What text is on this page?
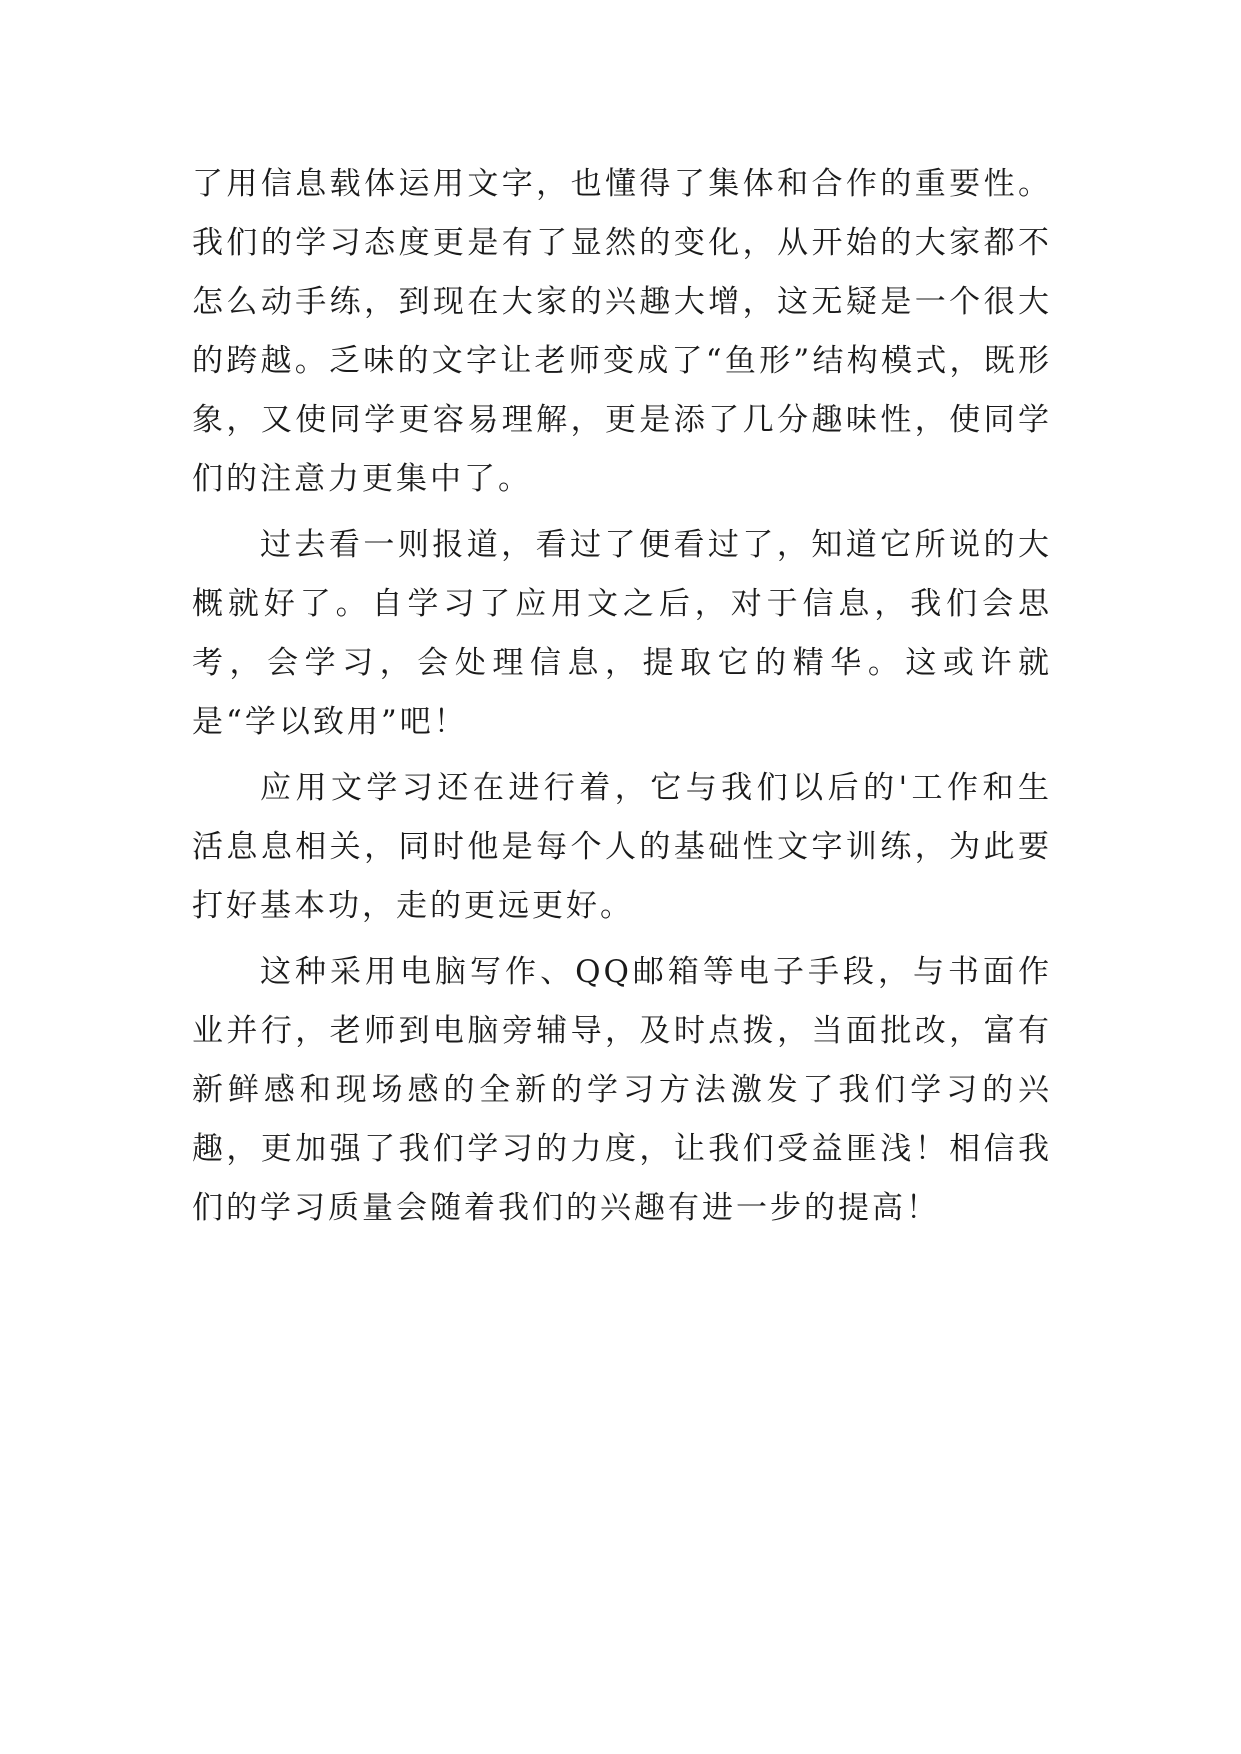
了用信息载体运用文字，也懂得了集体和合作的重要性。我们的学习态度更是有了显然的变化，从开始的大家都不怎么动手练，到现在大家的兴趣大增，这无疑是一个很大的跨越。乏味的文字让老师变成了“鱼形”结构模式，既形象，又使同学更容易理解，更是添了几分趣味性，使同学们的注意力更集中了。

过去看一则报道，看过了便看过了，知道它所说的大概就好了。自学习了应用文之后，对于信息，我们会思考，会学习，会处理信息，提取它的精华。这或许就是“学以致用”吧！

应用文学习还在进行着，它与我们以后的'工作和生活息息相关，同时他是每个人的基础性文字训练，为此要打好基本功，走的更远更好。

这种采用电脑写作、QQ邮箱等电子手段，与书面作业并行，老师到电脑旁辅导，及时点拨，当面批改，富有新鲜感和现场感的全新的学习方法激发了我们学习的兴趣，更加强了我们学习的力度，让我们受益匪浅！相信我们的学习质量会随着我们的兴趣有进一步的提高！
